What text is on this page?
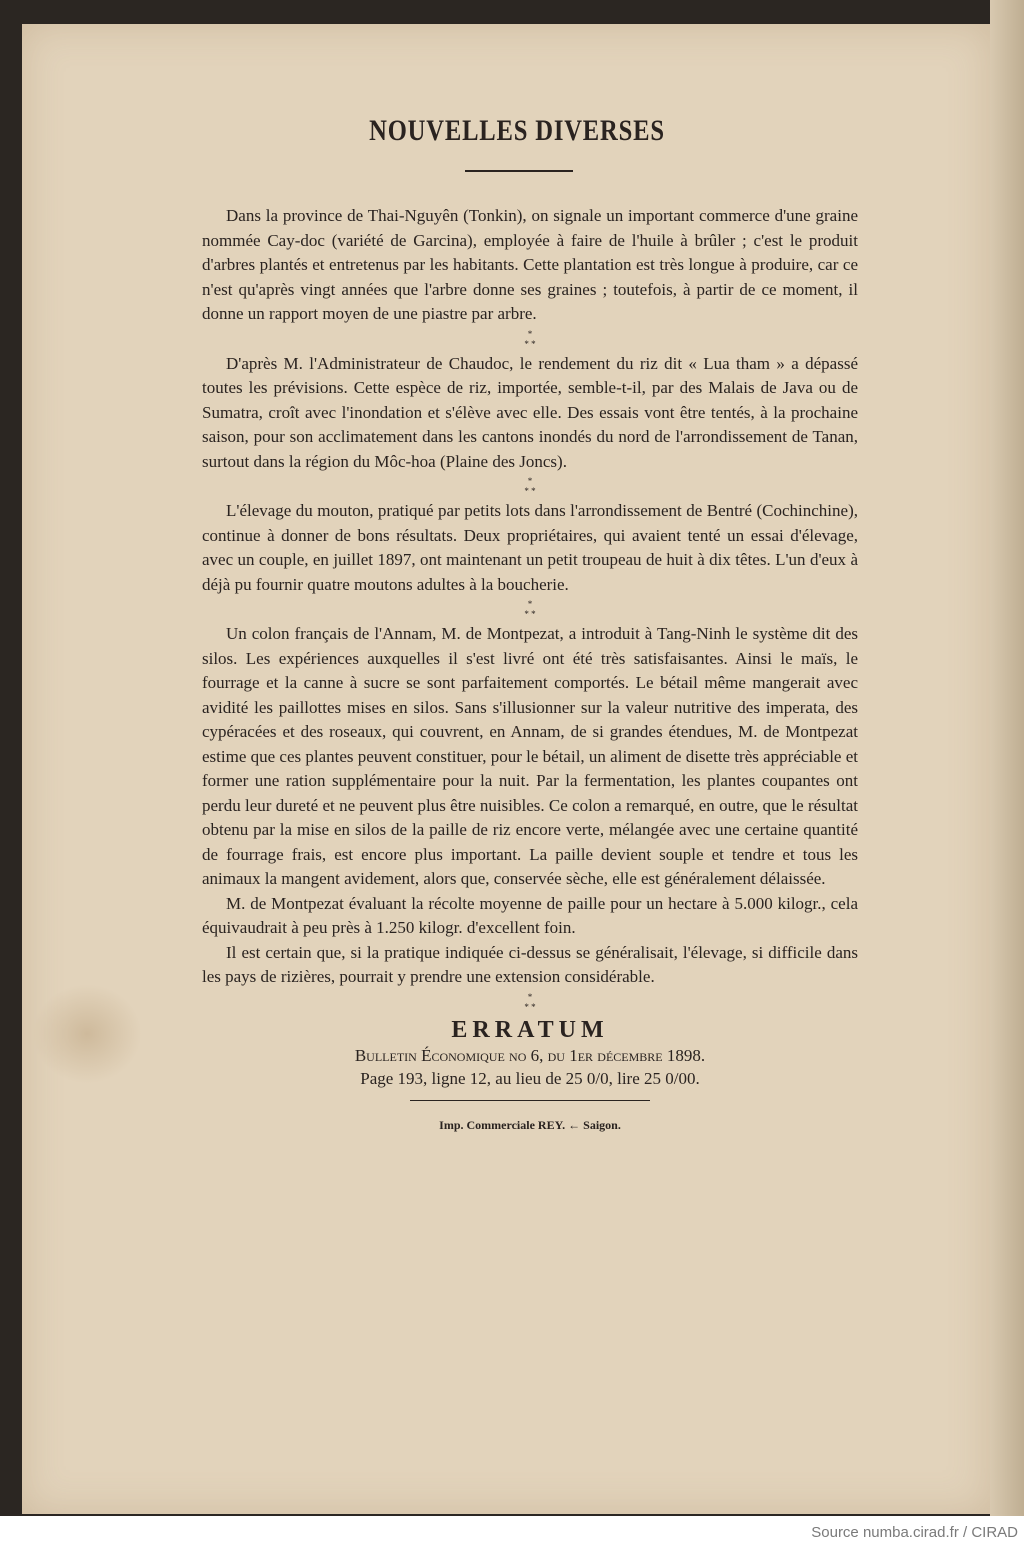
NOUVELLES DIVERSES

Dans la province de Thai-Nguyên (Tonkin), on signale un important commerce d'une graine nommée Cay-doc (variété de Garcina), employée à faire de l'huile à brûler ; c'est le produit d'arbres plantés et entretenus par les habitants. Cette plantation est très longue à produire, car ce n'est qu'après vingt années que l'arbre donne ses graines ; toutefois, à partir de ce moment, il donne un rapport moyen de une piastre par arbre.

*
* *

D'après M. l'Administrateur de Chaudoc, le rendement du riz dit « Lua tham » a dépassé toutes les prévisions. Cette espèce de riz, importée, semble-t-il, par des Malais de Java ou de Sumatra, croît avec l'inondation et s'élève avec elle. Des essais vont être tentés, à la prochaine saison, pour son acclimatement dans les cantons inondés du nord de l'arrondissement de Tanan, surtout dans la région du Môc-hoa (Plaine des Joncs).

*
* *

L'élevage du mouton, pratiqué par petits lots dans l'arrondissement de Bentré (Cochinchine), continue à donner de bons résultats. Deux propriétaires, qui avaient tenté un essai d'élevage, avec un couple, en juillet 1897, ont maintenant un petit troupeau de huit à dix têtes. L'un d'eux à déjà pu fournir quatre moutons adultes à la boucherie.

*
* *

Un colon français de l'Annam, M. de Montpezat, a introduit à Tang-Ninh le système dit des silos. Les expériences auxquelles il s'est livré ont été très satisfaisantes. Ainsi le maïs, le fourrage et la canne à sucre se sont parfaitement comportés. Le bétail même mangerait avec avidité les paillottes mises en silos. Sans s'illusionner sur la valeur nutritive des imperata, des cypéracées et des roseaux, qui couvrent, en Annam, de si grandes étendues, M. de Montpezat estime que ces plantes peuvent constituer, pour le bétail, un aliment de disette très appréciable et former une ration supplémentaire pour la nuit. Par la fermentation, les plantes coupantes ont perdu leur dureté et ne peuvent plus être nuisibles. Ce colon a remarqué, en outre, que le résultat obtenu par la mise en silos de la paille de riz encore verte, mélangée avec une certaine quantité de fourrage frais, est encore plus important. La paille devient souple et tendre et tous les animaux la mangent avidement, alors que, conservée sèche, elle est généralement délaissée.

M. de Montpezat évaluant la récolte moyenne de paille pour un hectare à 5.000 kilogr., cela équivaudrait à peu près à 1.250 kilogr. d'excellent foin.

Il est certain que, si la pratique indiquée ci-dessus se généralisait, l'élevage, si difficile dans les pays de rizières, pourrait y prendre une extension considérable.

*
* *
ERRATUM

Bulletin Économique no 6, du 1er décembre 1898.

Page 193, ligne 12, au lieu de 25 0/0, lire 25 0/00.

Imp. Commerciale REY. ← Saigon.
Source numba.cirad.fr / CIRAD
